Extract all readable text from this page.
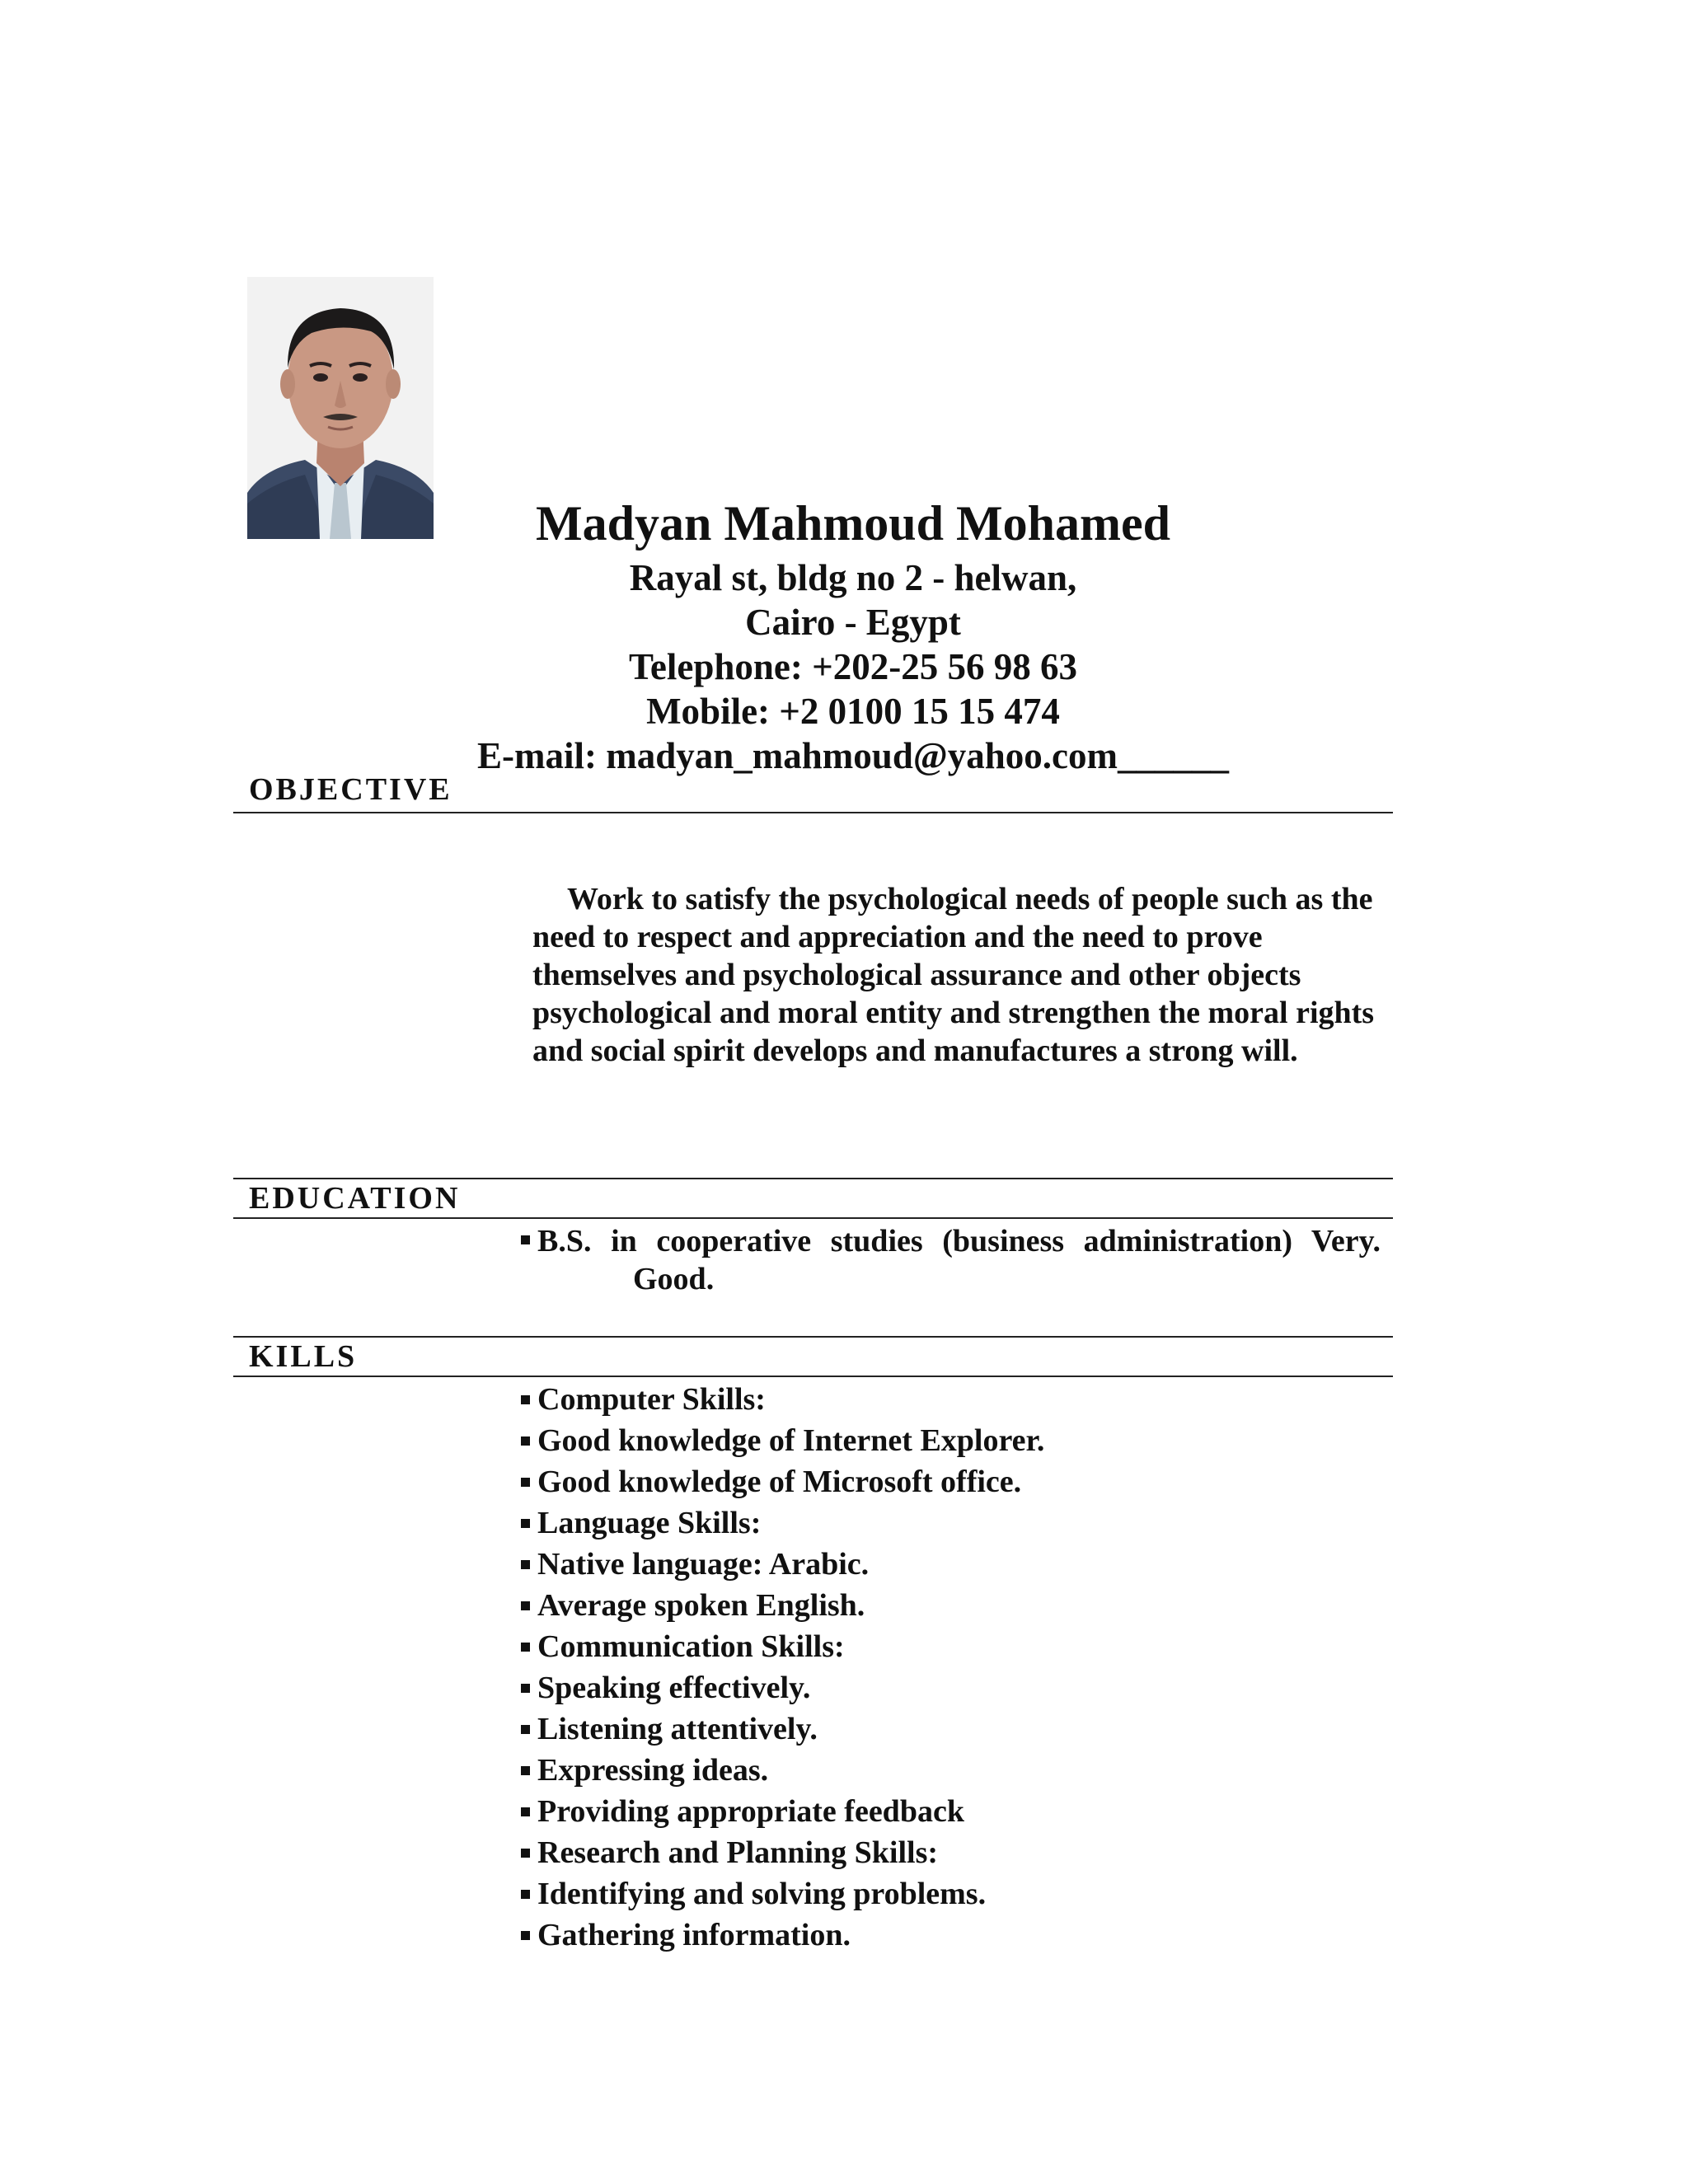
Madyan Mahmoud Mohamed
Rayal st, bldg no 2 - helwan,
Cairo - Egypt
Telephone: +202-25 56 98 63
Mobile: +2 0100 15 15 474
E-mail: madyan_mahmoud@yahoo.com______
OBJECTIVE
Work to satisfy the psychological needs of people such as the need to respect and appreciation and the need to prove themselves and psychological assurance and other objects psychological and moral entity and strengthen the moral rights and social spirit develops and manufactures a strong will.
EDUCATION
B.S. in cooperative studies (business administration) Very.
Good.
KILLS
Computer Skills:
Good knowledge of Internet Explorer.
Good knowledge of Microsoft office.
Language Skills:
Native language: Arabic.
Average spoken English.
Communication Skills:
Speaking effectively.
Listening attentively.
Expressing ideas.
Providing appropriate feedback
Research and Planning Skills:
Identifying and solving problems.
Gathering information.
